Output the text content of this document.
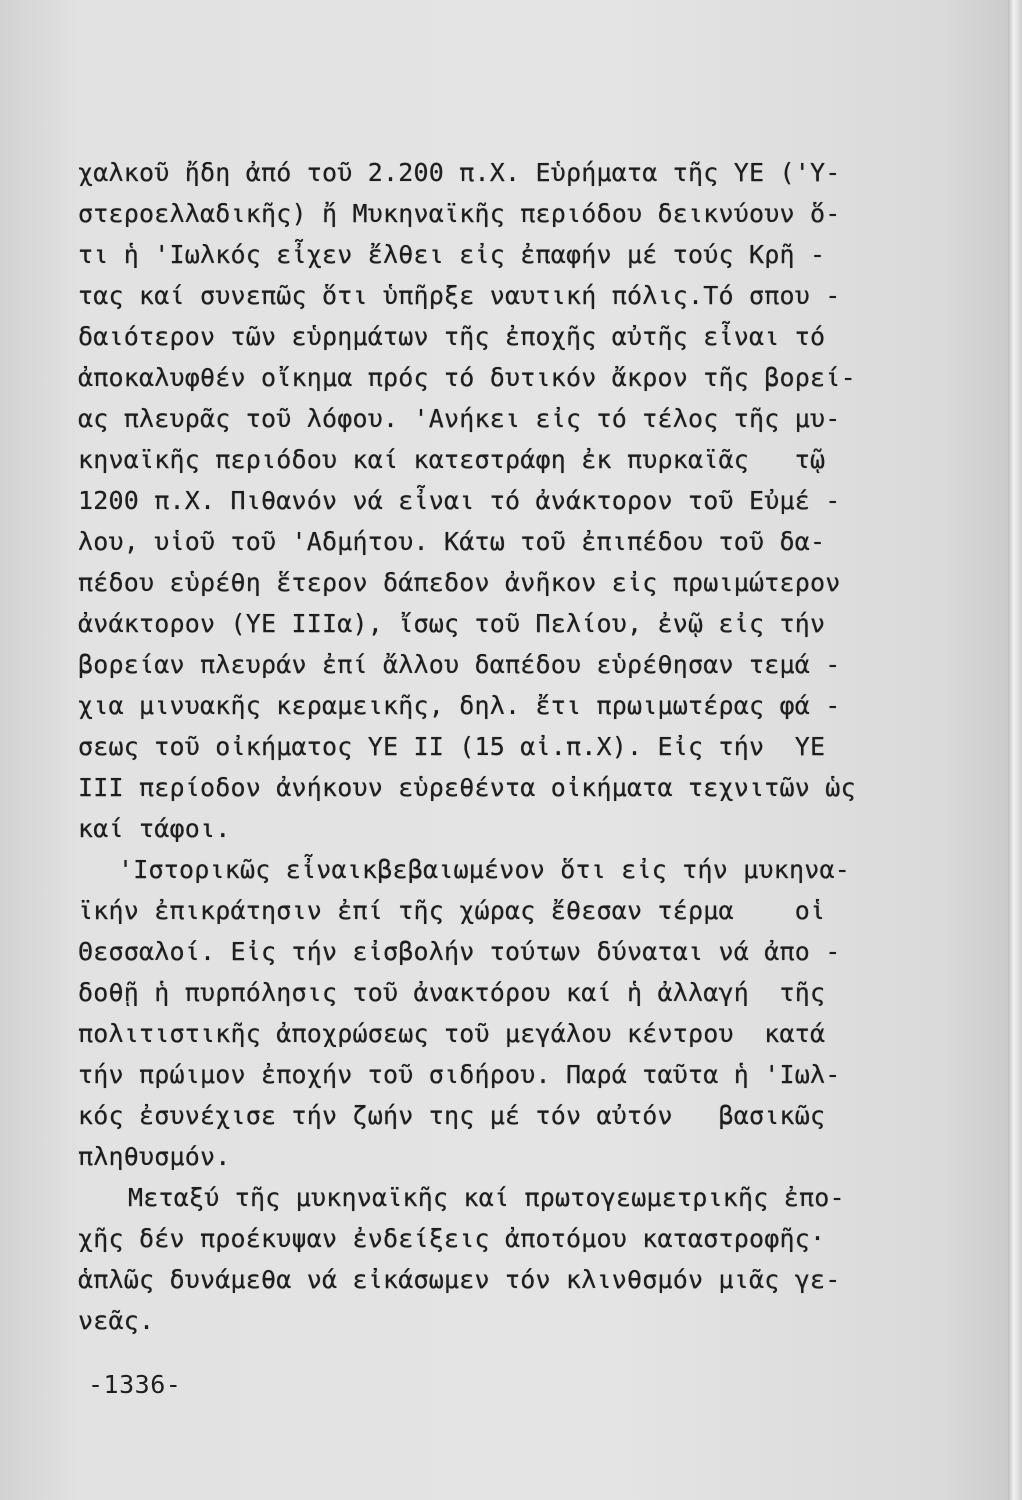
χαλκοῦ ἤδη ἀπό τοῦ 2.200 π.Χ. Εὑρήματα τῆς ΥΕ ('Υ-
στεροελλαδικῆς) ἤ Μυκηναϊκῆς περιόδου δεικνύουν ὅ-
τι ἡ 'Ιωλκός εἶχεν ἔλθει εἰς ἐπαφήν μέ τούς Κρῆ -
τας καί συνεπῶς ὅτι ὑπῆρξε ναυτική πόλις.Τό σπου -
δαιότερον τῶν εὑρημάτων τῆς ἐποχῆς αὐτῆς εἶναι τό
ἀποκαλυφθέν οἴκημα πρός τό δυτικόν ἄκρον τῆς βορεί-
ας πλευρᾶς τοῦ λόφου. 'Ανήκει εἰς τό τέλος τῆς μυ-
κηναϊκῆς περιόδου καί κατεστράφη ἐκ πυρκαϊᾶς   τῷ
1200 π.Χ. Πιθανόν νά εἶναι τό ἀνάκτορον τοῦ Εὐμέ -
λου, υἱοῦ τοῦ 'Αδμήτου. Κάτω τοῦ ἐπιπέδου τοῦ δα-
πέδου εὑρέθη ἕτερον δάπεδον ἀνῆκον εἰς πρωιμώτερον
ἀνάκτορον (ΥΕ ΙΙΙα), ἴσως τοῦ Πελίου, ἐνῷ εἰς τήν
βορείαν πλευράν ἐπί ἄλλου δαπέδου εὑρέθησαν τεμά -
χια μινυακῆς κεραμεικῆς, δηλ. ἔτι πρωιμωτέρας φά -
σεως τοῦ οἰκήματος ΥΕ ΙΙ (15 αἰ.π.Χ). Εἰς τήν  ΥΕ
ΙΙΙ περίοδον ἀνήκουν εὑρεθέντα οἰκήματα τεχνιτῶν ὡς
καί τάφοι.
'Ιστορικῶς εἶναικβεβαιωμένον ὅτι εἰς τήν μυκηνα-
ϊκήν ἐπικράτησιν ἐπί τῆς χώρας ἔθεσαν τέρμα    οἱ
Θεσσαλοί. Εἰς τήν εἰσβολήν τούτων δύναται νά ἀπο -
δοθῇ ἡ πυρπόλησις τοῦ ἀνακτόρου καί ἡ ἀλλαγή  τῆς
πολιτιστικῆς ἀποχρώσεως τοῦ μεγάλου κέντρου  κατά
τήν πρώιμον ἐποχήν τοῦ σιδήρου. Παρά ταῦτα ἡ 'Ιωλ-
κός ἐσυνέχισε τήν ζωήν της μέ τόν αὐτόν   βασικῶς
πληθυσμόν.
Μεταξύ τῆς μυκηναϊκῆς καί πρωτογεωμετρικῆς ἐπο-
χῆς δέν προέκυψαν ἐνδείξεις ἀποτόμου καταστροφῆς·
ἁπλῶς δυνάμεθα νά εἰκάσωμεν τόν κλινθσμόν μιᾶς γε-
νεᾶς.
-1336-
